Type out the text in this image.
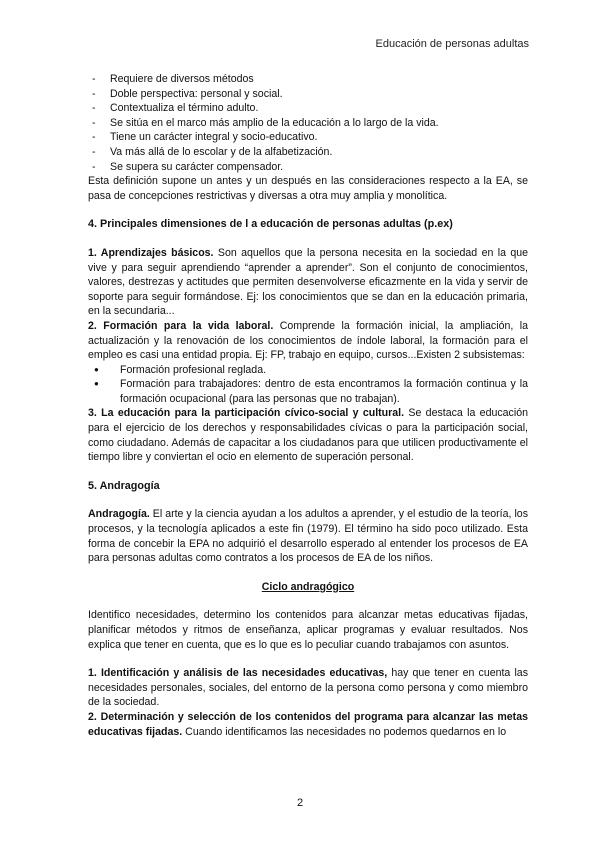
Educación de personas adultas
- Requiere de diversos métodos
- Doble perspectiva: personal y social.
- Contextualiza el término adulto.
- Se sitúa en el marco más amplio de la educación a lo largo de la vida.
- Tiene un carácter integral y socio-educativo.
- Va más allá de lo escolar y de la alfabetización.
- Se supera su carácter compensador.

Esta definición supone un antes y un después en las consideraciones respecto a la EA, se pasa de concepciones restrictivas y diversas a otra muy amplia y monolítica.

4. Principales dimensiones de l a educación de personas adultas (p.ex)

1. Aprendizajes básicos. Son aquellos que la persona necesita en la sociedad en la que vive y para seguir aprendiendo “aprender a aprender”. Son el conjunto de conocimientos, valores, destrezas y actitudes que permiten desenvolverse eficazmente en la vida y servir de soporte para seguir formándose. Ej: los conocimientos que se dan en la educación primaria, en la secundaria...

2. Formación para la vida laboral. Comprende la formación inicial, la ampliación, la actualización y la renovación de los conocimientos de índole laboral, la formación para el empleo es casi una entidad propia. Ej: FP, trabajo en equipo, cursos...Existen 2 subsistemas:

● Formación profesional reglada.
● Formación para trabajadores: dentro de esta encontramos la formación continua y la formación ocupacional (para las personas que no trabajan).

3. La educación para la participación cívico-social y cultural. Se destaca la educación para el ejercicio de los derechos y responsabilidades cívicas o para la participación social, como ciudadano. Además de capacitar a los ciudadanos para que utilicen productivamente el tiempo libre y conviertan el ocio en elemento de superación personal.

5. Andragogía

Andragogía. El arte y la ciencia ayudan a los adultos a aprender, y el estudio de la teoría, los procesos, y la tecnología aplicados a este fin (1979). El término ha sido poco utilizado. Esta forma de concebir la EPA no adquirió el desarrollo esperado al entender los procesos de EA para personas adultas como contratos a los procesos de EA de los niños.

Ciclo andragógico

Identifico necesidades, determino los contenidos para alcanzar metas educativas fijadas, planificar métodos y ritmos de enseñanza, aplicar programas y evaluar resultados. Nos explica que tener en cuenta, que es lo que es lo peculiar cuando trabajamos con asuntos.

1. Identificación y análisis de las necesidades educativas, hay que tener en cuenta las necesidades personales, sociales, del entorno de la persona como persona y como miembro de la sociedad.

2. Determinación y selección de los contenidos del programa para alcanzar las metas educativas fijadas. Cuando identificamos las necesidades no podemos quedarnos en lo

2
